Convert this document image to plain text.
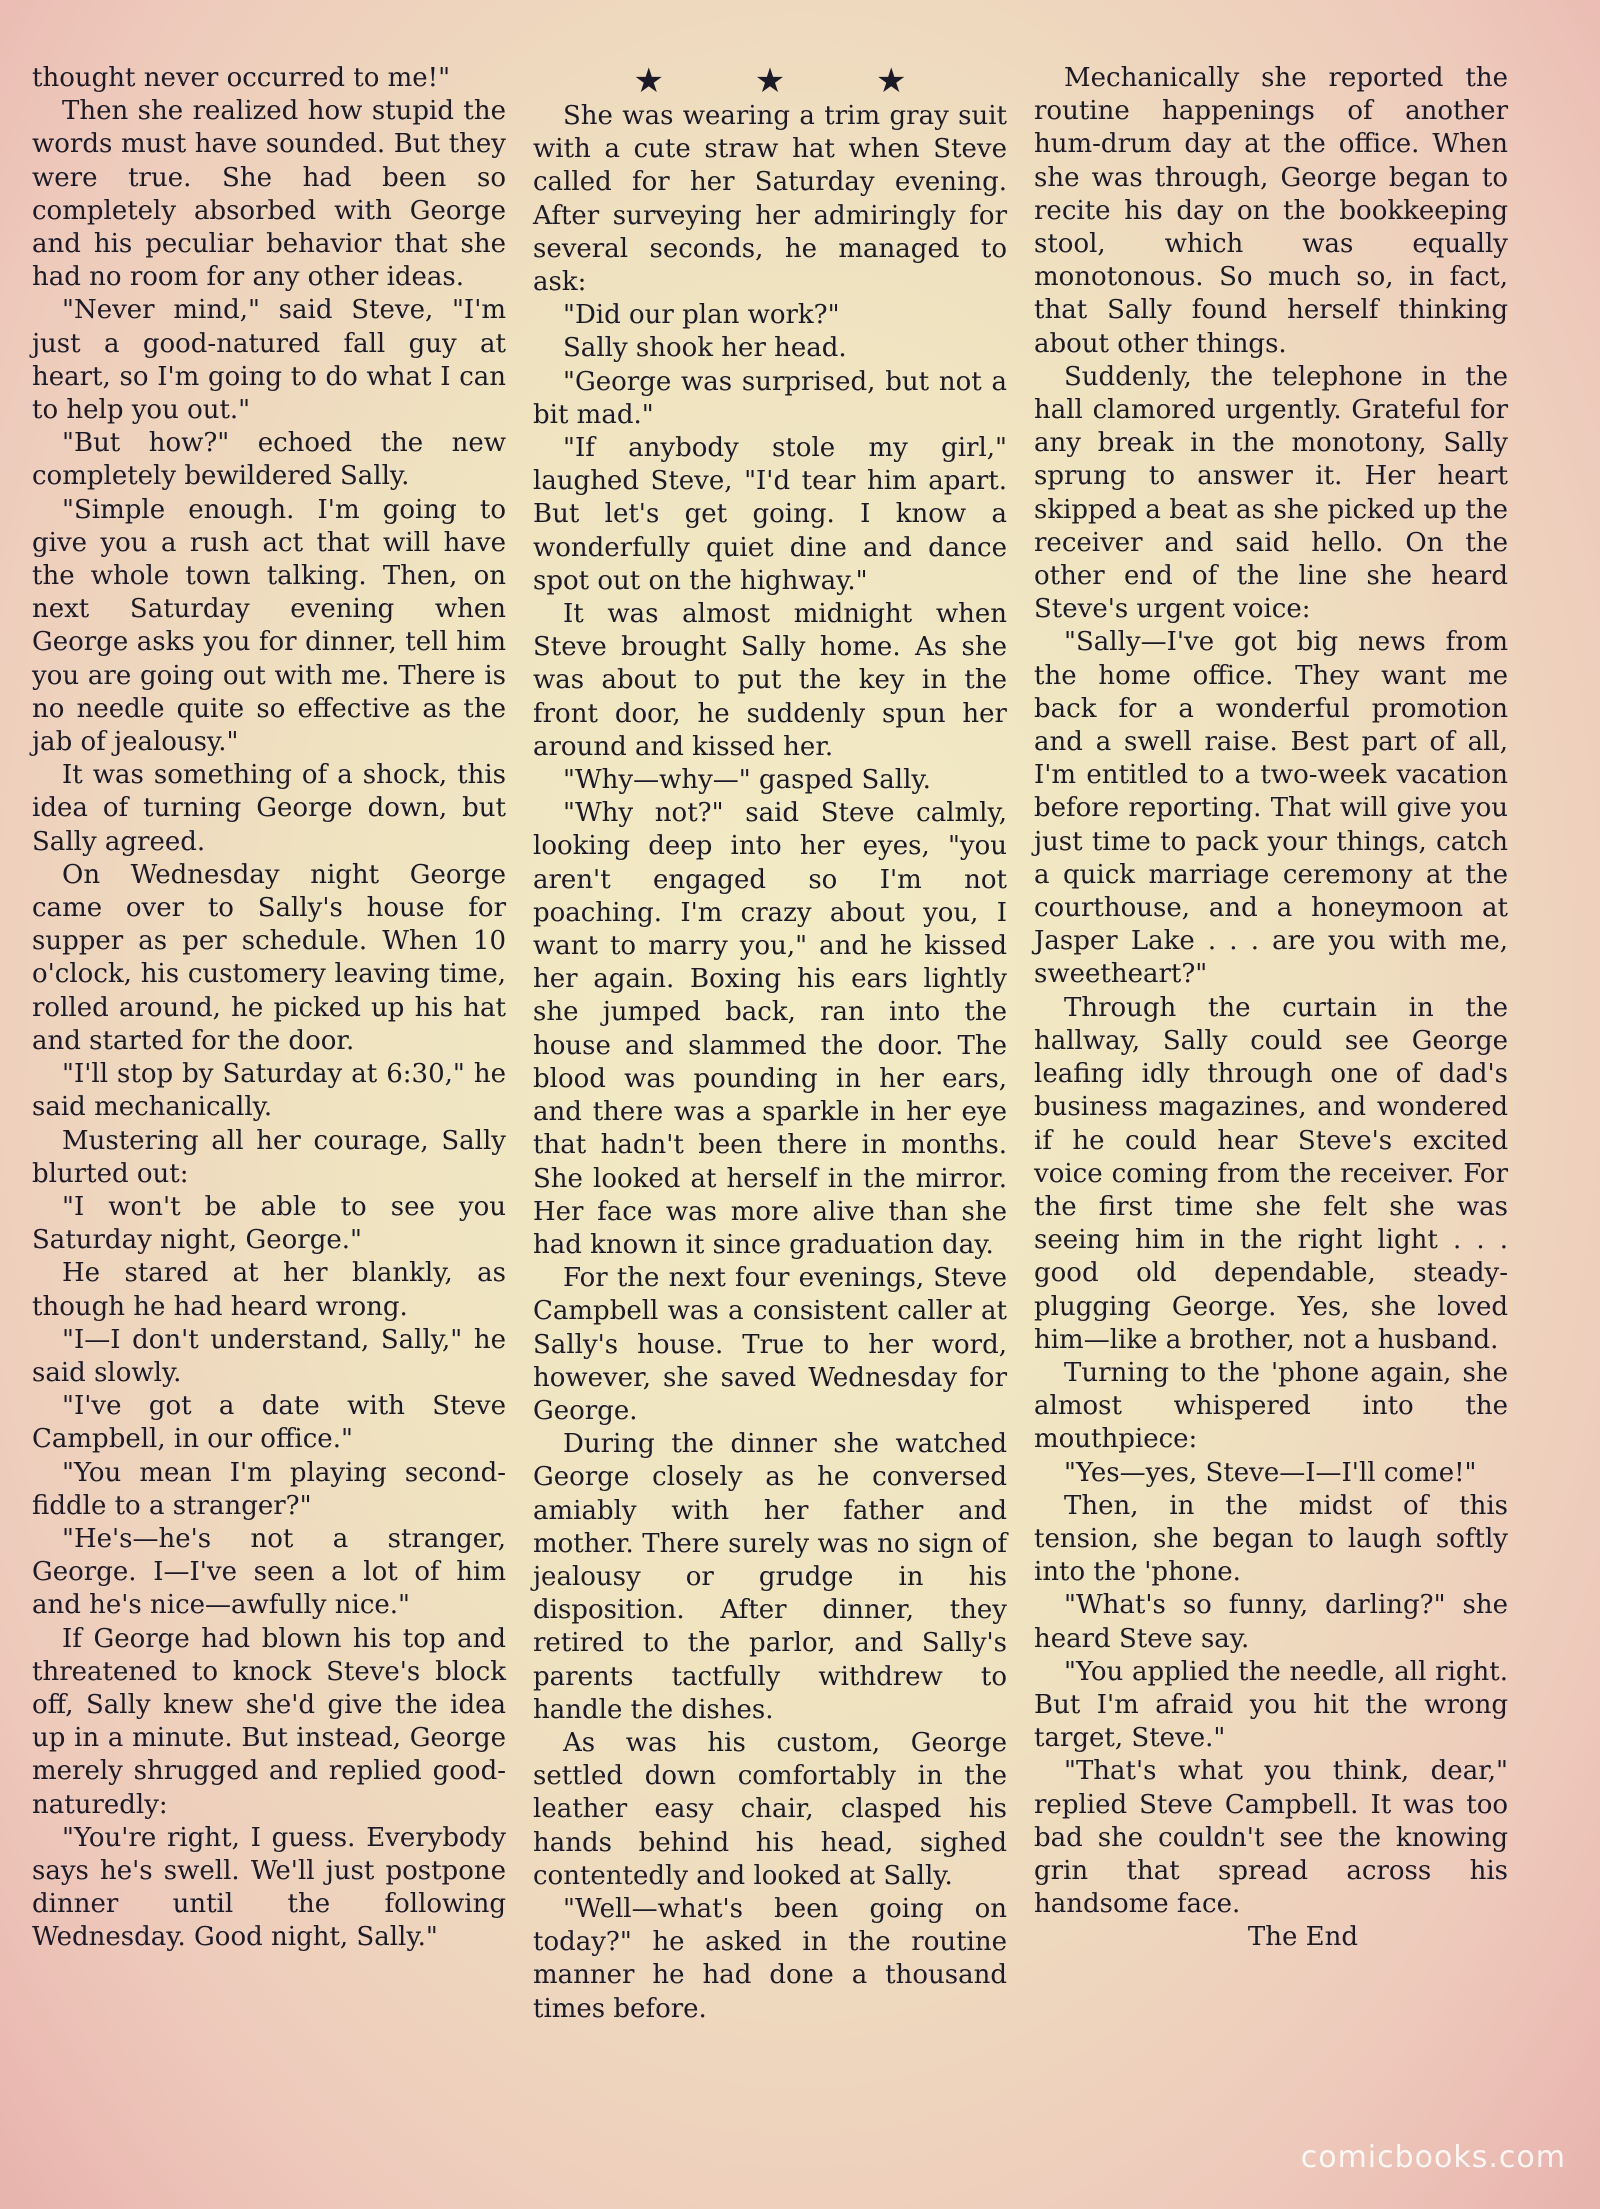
thought never occurred to me!"

Then she realized how stupid the words must have sounded. But they were true. She had been so completely absorbed with George and his peculiar behavior that she had no room for any other ideas.

"Never mind," said Steve, "I'm just a good-natured fall guy at heart, so I'm going to do what I can to help you out."

"But how?" echoed the new completely bewildered Sally.

"Simple enough. I'm going to give you a rush act that will have the whole town talking. Then, on next Saturday evening when George asks you for dinner, tell him you are going out with me. There is no needle quite so effective as the jab of jealousy."

It was something of a shock, this idea of turning George down, but Sally agreed.

On Wednesday night George came over to Sally's house for supper as per schedule. When 10 o'clock, his customery leaving time, rolled around, he picked up his hat and started for the door.

"I'll stop by Saturday at 6:30," he said mechanically.

Mustering all her courage, Sally blurted out:

"I won't be able to see you Saturday night, George."

He stared at her blankly, as though he had heard wrong.

"I—I don't understand, Sally," he said slowly.

"I've got a date with Steve Campbell, in our office."

"You mean I'm playing second-fiddle to a stranger?"

"He's—he's not a stranger, George. I—I've seen a lot of him and he's nice—awfully nice."

If George had blown his top and threatened to knock Steve's block off, Sally knew she'd give the idea up in a minute. But instead, George merely shrugged and replied good-naturedly:

"You're right, I guess. Everybody says he's swell. We'll just postpone dinner until the following Wednesday. Good night, Sally."

★ ★ ★

She was wearing a trim gray suit with a cute straw hat when Steve called for her Saturday evening. After surveying her admiringly for several seconds, he managed to ask:

"Did our plan work?"

Sally shook her head.

"George was surprised, but not a bit mad."

"If anybody stole my girl," laughed Steve, "I'd tear him apart. But let's get going. I know a wonderfully quiet dine and dance spot out on the highway."

It was almost midnight when Steve brought Sally home. As she was about to put the key in the front door, he suddenly spun her around and kissed her.

"Why—why—" gasped Sally.

"Why not?" said Steve calmly, looking deep into her eyes, "you aren't engaged so I'm not poaching. I'm crazy about you, I want to marry you," and he kissed her again. Boxing his ears lightly she jumped back, ran into the house and slammed the door. The blood was pounding in her ears, and there was a sparkle in her eye that hadn't been there in months. She looked at herself in the mirror. Her face was more alive than she had known it since graduation day.

For the next four evenings, Steve Campbell was a consistent caller at Sally's house. True to her word, however, she saved Wednesday for George.

During the dinner she watched George closely as he conversed amiably with her father and mother. There surely was no sign of jealousy or grudge in his disposition. After dinner, they retired to the parlor, and Sally's parents tactfully withdrew to handle the dishes.

As was his custom, George settled down comfortably in the leather easy chair, clasped his hands behind his head, sighed contentedly and looked at Sally.

"Well—what's been going on today?" he asked in the routine manner he had done a thousand times before.

Mechanically she reported the routine happenings of another hum-drum day at the office. When she was through, George began to recite his day on the bookkeeping stool, which was equally monotonous. So much so, in fact, that Sally found herself thinking about other things.

Suddenly, the telephone in the hall clamored urgently. Grateful for any break in the monotony, Sally sprung to answer it. Her heart skipped a beat as she picked up the receiver and said hello. On the other end of the line she heard Steve's urgent voice:

"Sally—I've got big news from the home office. They want me back for a wonderful promotion and a swell raise. Best part of all, I'm entitled to a two-week vacation before reporting. That will give you just time to pack your things, catch a quick marriage ceremony at the courthouse, and a honeymoon at Jasper Lake . . . are you with me, sweetheart?"

Through the curtain in the hallway, Sally could see George leafing idly through one of dad's business magazines, and wondered if he could hear Steve's excited voice coming from the receiver. For the first time she felt she was seeing him in the right light . . . good old dependable, steady-plugging George. Yes, she loved him—like a brother, not a husband.

Turning to the 'phone again, she almost whispered into the mouthpiece:

"Yes—yes, Steve—I—I'll come!"

Then, in the midst of this tension, she began to laugh softly into the 'phone.

"What's so funny, darling?" she heard Steve say.

"You applied the needle, all right. But I'm afraid you hit the wrong target, Steve."

"That's what you think, dear," replied Steve Campbell. It was too bad she couldn't see the knowing grin that spread across his handsome face.

The End

comicbooks.com
